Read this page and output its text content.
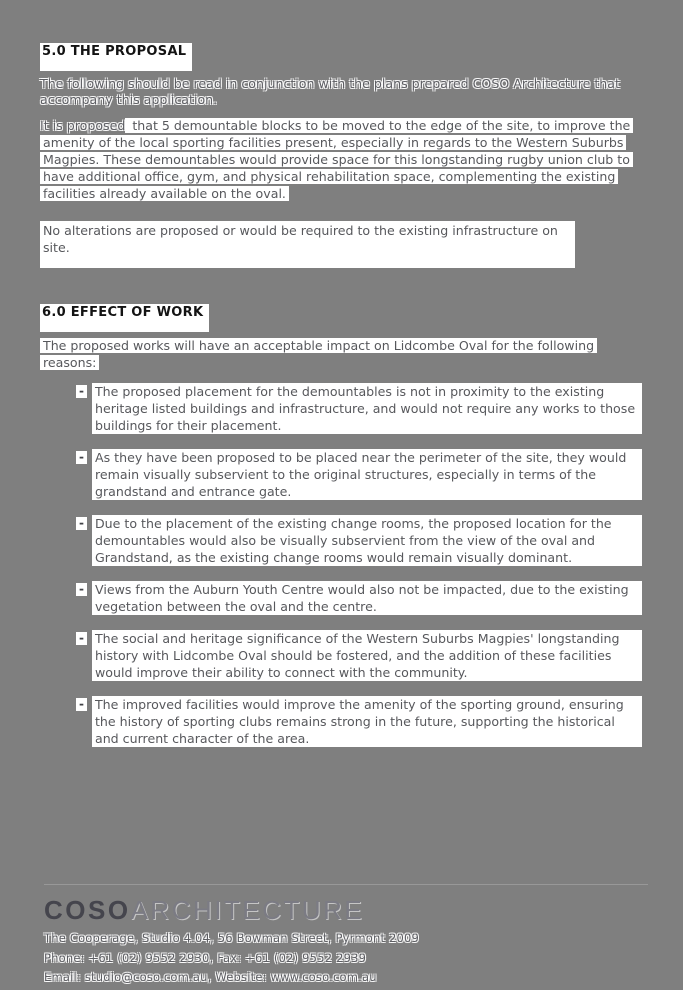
5.0 THE PROPOSAL

The following should be read in conjunction with the plans prepared COSO Architecture that accompany this application.

It is proposed that 5 demountable blocks to be moved to the edge of the site, to improve the amenity of the local sporting facilities present, especially in regards to the Western Suburbs Magpies. These demountables would provide space for this longstanding rugby union club to have additional office, gym, and physical rehabilitation space, complementing the existing facilities already available on the oval.

No alterations are proposed or would be required to the existing infrastructure on site.
6.0 EFFECT OF WORK

The proposed works will have an acceptable impact on Lidcombe Oval for the following reasons:

- The proposed placement for the demountables is not in proximity to the existing heritage listed buildings and infrastructure, and would not require any works to those buildings for their placement.
- As they have been proposed to be placed near the perimeter of the site, they would remain visually subservient to the original structures, especially in terms of the grandstand and entrance gate.
- Due to the placement of the existing change rooms, the proposed location for the demountables would also be visually subservient from the view of the oval and Grandstand, as the existing change rooms would remain visually dominant.
- Views from the Auburn Youth Centre would also not be impacted, due to the existing vegetation between the oval and the centre.
- The social and heritage significance of the Western Suburbs Magpies' longstanding history with Lidcombe Oval should be fostered, and the addition of these facilities would improve their ability to connect with the community.
- The improved facilities would improve the amenity of the sporting ground, ensuring the history of sporting clubs remains strong in the future, supporting the historical and current character of the area.
COSOARCHITECTURE

The Cooperage, Studio 4.04, 56 Bowman Street, Pyrmont 2009

Phone: +61 (02) 9552 2930, Fax: +61 (02) 9552 2939

Email: studio@coso.com.au, Website: www.coso.com.au
